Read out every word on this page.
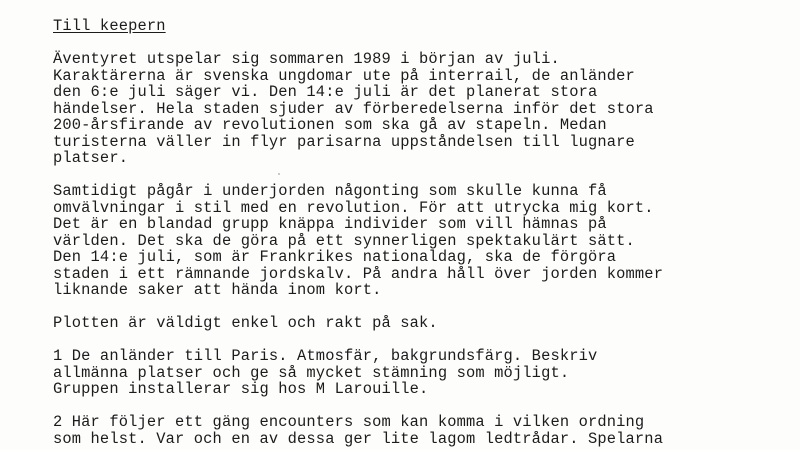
Till keepern
Äventyret utspelar sig sommaren 1989 i början av juli.
Karaktärerna är svenska ungdomar ute på interrail, de anländer
den 6:e juli säger vi. Den 14:e juli är det planerat stora
händelser. Hela staden sjuder av förberedelserna inför det stora
200-årsfirande av revolutionen som ska gå av stapeln. Medan
turisterna väller in flyr parisarna uppståndelsen till lugnare
platser.
Samtidigt pågår i underjorden någonting som skulle kunna få
omvälvningar i stil med en revolution. För att utrycka mig kort.
Det är en blandad grupp knäppa individer som vill hämnas på
världen. Det ska de göra på ett synnerligen spektakulärt sätt.
Den 14:e juli, som är Frankrikes nationaldag, ska de förgöra
staden i ett rämnande jordskalv. På andra håll över jorden kommer
liknande saker att hända inom kort.
Plotten är väldigt enkel och rakt på sak.
1 De anländer till Paris. Atmosfär, bakgrundsfärg. Beskriv
allmänna platser och ge så mycket stämning som möjligt.
Gruppen installerar sig hos M Larouille.
2 Här följer ett gäng encounters som kan komma i vilken ordning
som helst. Var och en av dessa ger lite lagom ledtrådar. Spelarna
